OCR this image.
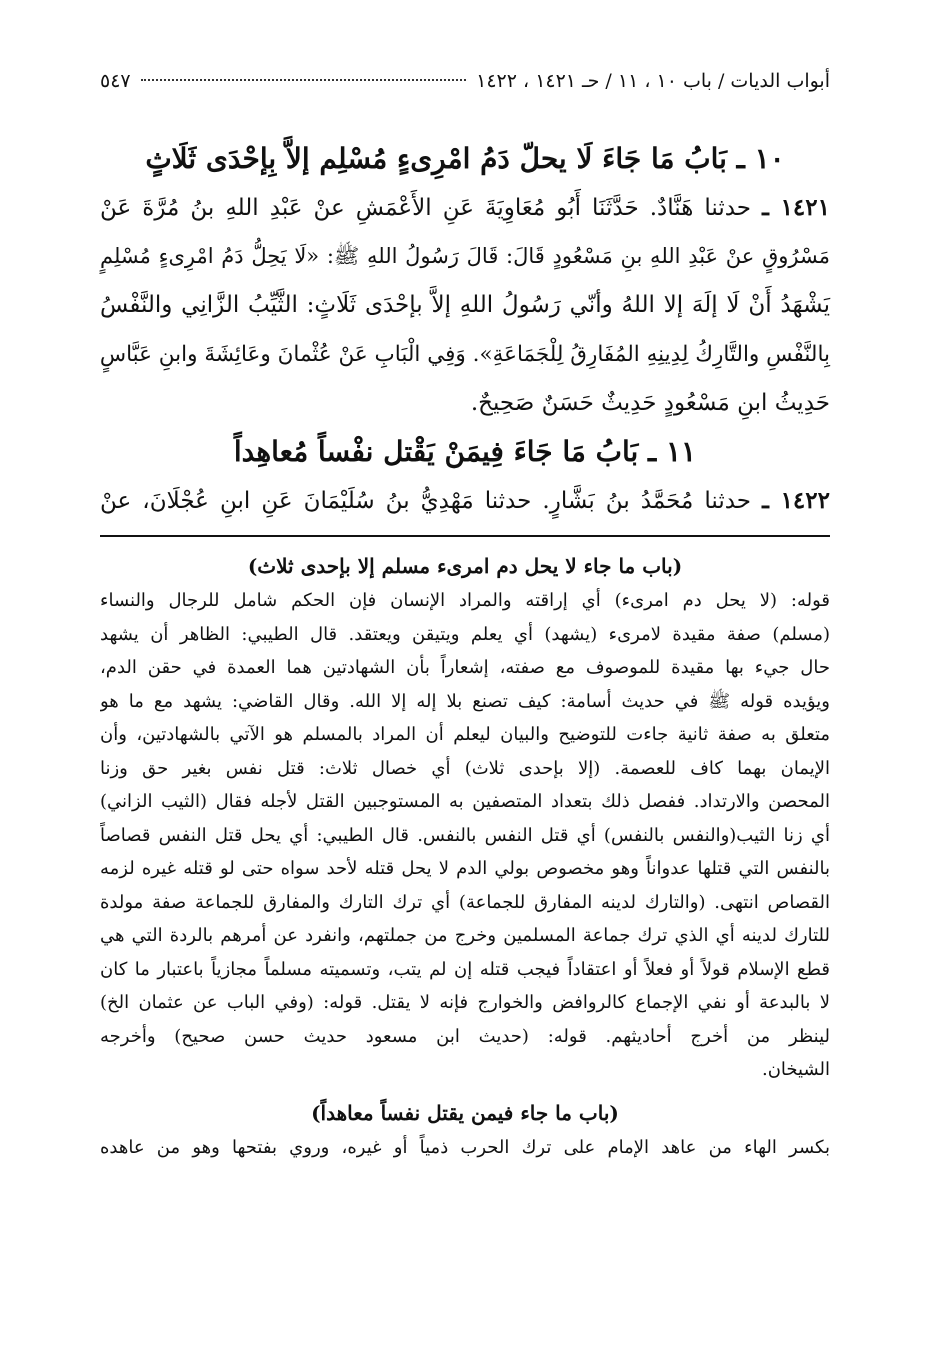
أبواب الديات / باب ١٠ ، ١١ / حـ ١٤٢١ ، ١٤٢٢
٥٤٧
١٠ ـ بَابُ مَا جَاءَ لَا يحلّ دَمُ امْرِىءٍ مُسْلِم إلاَّ بِإحْدَى ثَلَاثٍ
١٤٢١ ـ حدثنا هَنَّادٌ. حَدَّثَنَا أَبُو مُعَاوِيَةَ عَنِ الأَعْمَشِ عنْ عَبْدِ اللهِ بنُ مُرَّةَ عَنْ
مَسْرُوقٍ عنْ عَبْدِ اللهِ بنِ مَسْعُودٍ قَالَ: قَالَ رَسُولُ اللهِ ﷺ: «لَا يَحِلُّ دَمُ امْرِىءٍ مُسْلِمٍ
يَشْهَدُ أَنْ لَا إلَهَ إلا اللهُ وأنّي رَسُولُ اللهِ إلاَّ بإحْدَى ثَلَاثٍ: الثَّيِّبُ الزَّانِي والنَّفْسُ
بِالنَّفْسِ والتَّارِكُ لِدِينِهِ المُفَارِقُ لِلْجَمَاعَةِ». وَفِي الْبَابِ عَنْ عُثْمانَ وعَائِشَةَ وابنِ عَبَّاسٍ
حَدِيثُ ابنِ مَسْعُودٍ حَدِيثٌ حَسَنٌ صَحِيحٌ.
١١ ـ بَابُ مَا جَاءَ فِيمَنْ يَقْتل نفْساً مُعاهِداً
١٤٢٢ ـ حدثنا مُحَمَّدُ بنُ بَشَّارٍ. حدثنا مَهْدِيُّ بنُ سُلَيْمَانَ عَنِ ابنِ عُجْلَانَ، عنْ
(باب ما جاء لا يحل دم امرىء مسلم إلا بإحدى ثلاث)
قوله: (لا يحل دم امرىء) أي إراقته والمراد الإنسان فإن الحكم شامل للرجال والنساء
(مسلم) صفة مقيدة لامرىء (يشهد) أي يعلم ويتيقن ويعتقد. قال الطيبي: الظاهر أن يشهد
حال جيء بها مقيدة للموصوف مع صفته، إشعاراً بأن الشهادتين هما العمدة في حقن الدم،
ويؤيده قوله ﷺ في حديث أسامة: كيف تصنع بلا إله إلا الله. وقال القاضي: يشهد مع ما هو
متعلق به صفة ثانية جاءت للتوضيح والبيان ليعلم أن المراد بالمسلم هو الآتي بالشهادتين، وأن
الإيمان بهما كاف للعصمة. (إلا بإحدى ثلاث) أي خصال ثلاث: قتل نفس بغير حق وزنا
المحصن والارتداد. ففصل ذلك بتعداد المتصفين به المستوجبين القتل لأجله فقال (الثيب الزاني)
أي زنا الثيب(والنفس بالنفس) أي قتل النفس بالنفس. قال الطيبي: أي يحل قتل النفس قصاصاً
بالنفس التي قتلها عدواناً وهو مخصوص بولي الدم لا يحل قتله لأحد سواه حتى لو قتله غيره لزمه
القصاص انتهى. (والتارك لدينه المفارق للجماعة) أي ترك التارك والمفارق للجماعة صفة مولدة
للتارك لدينه أي الذي ترك جماعة المسلمين وخرج من جملتهم، وانفرد عن أمرهم بالردة التي هي
قطع الإسلام قولاً أو فعلاً أو اعتقاداً فيجب قتله إن لم يتب، وتسميته مسلماً مجازياً باعتبار ما كان
لا بالبدعة أو نفي الإجماع كالروافض والخوارج فإنه لا يقتل. قوله: (وفي الباب عن عثمان الخ)
لينظر من أخرج أحاديثهم. قوله: (حديث ابن مسعود حديث حسن صحيح) وأخرجه
الشيخان.
(باب ما جاء فيمن يقتل نفساً معاهداً)
بكسر الهاء من عاهد الإمام على ترك الحرب ذمياً أو غيره، وروي بفتحها وهو من عاهده
